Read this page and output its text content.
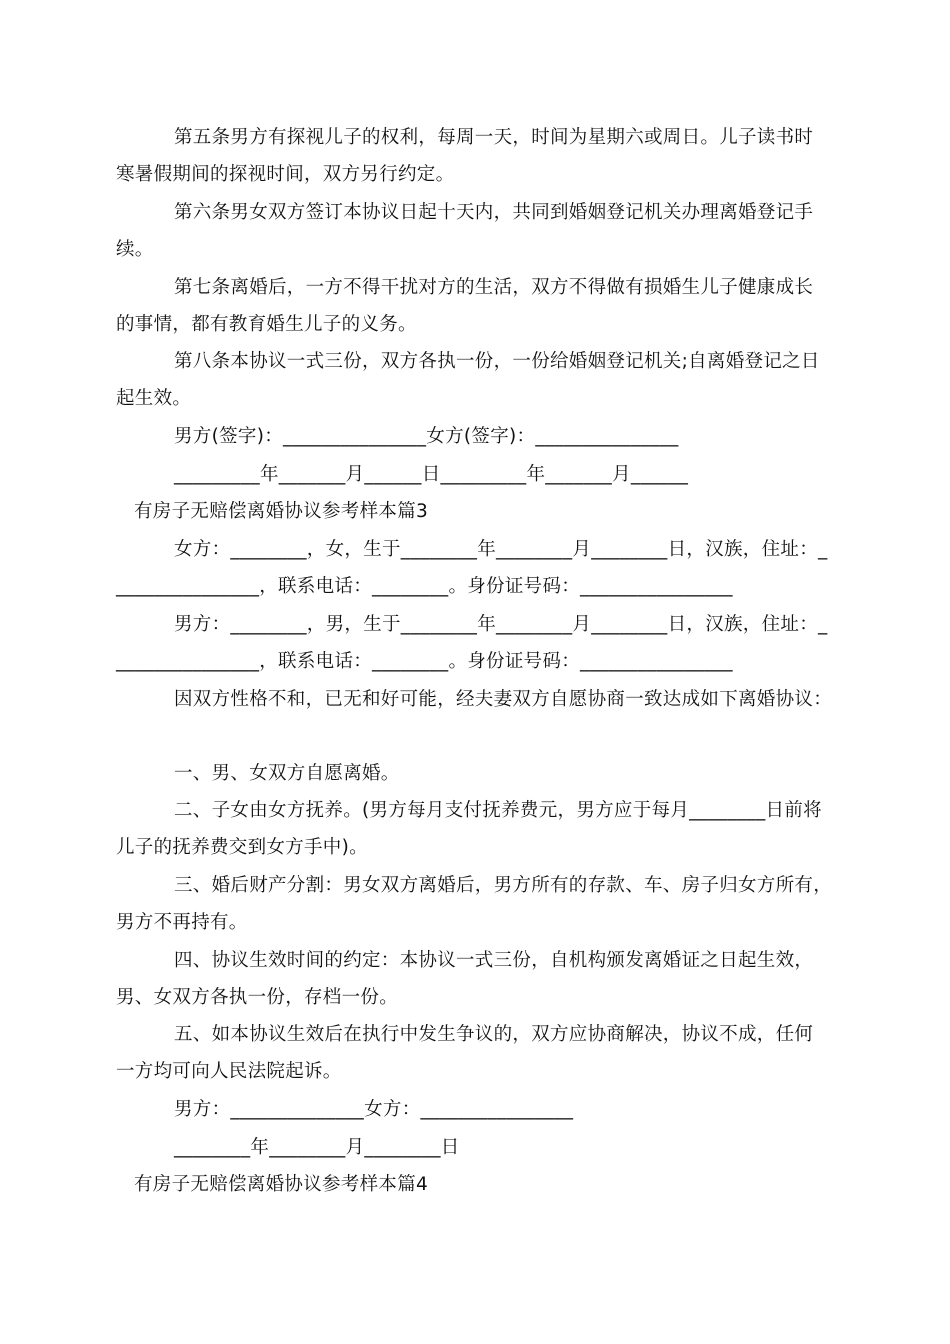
第五条男方有探视儿子的权利，每周一天，时间为星期六或周日。儿子读书时
寒暑假期间的探视时间，双方另行约定。
第六条男女双方签订本协议日起十天内，共同到婚姻登记机关办理离婚登记手
续。
第七条离婚后，一方不得干扰对方的生活，双方不得做有损婚生儿子健康成长
的事情，都有教育婚生儿子的义务。
第八条本协议一式三份，双方各执一份，一份给婚姻登记机关;自离婚登记之日
起生效。
男方(签字)：_______________女方(签字)：_______________
_________年_______月______日_________年_______月______
有房子无赔偿离婚协议参考样本篇3
女方：________，女，生于________年________月________日，汉族，住址：_
_______________，联系电话：________。身份证号码：________________
男方：________，男，生于________年________月________日，汉族，住址：_
_______________，联系电话：________。身份证号码：________________
因双方性格不和，已无和好可能，经夫妻双方自愿协商一致达成如下离婚协议：
一、男、女双方自愿离婚。
二、子女由女方抚养。(男方每月支付抚养费元，男方应于每月________日前将
儿子的抚养费交到女方手中)。
三、婚后财产分割：男女双方离婚后，男方所有的存款、车、房子归女方所有，
男方不再持有。
四、协议生效时间的约定：本协议一式三份，自机构颁发离婚证之日起生效，
男、女双方各执一份，存档一份。
五、如本协议生效后在执行中发生争议的，双方应协商解决，协议不成，任何
一方均可向人民法院起诉。
男方：______________女方：________________
________年________月________日
有房子无赔偿离婚协议参考样本篇4
